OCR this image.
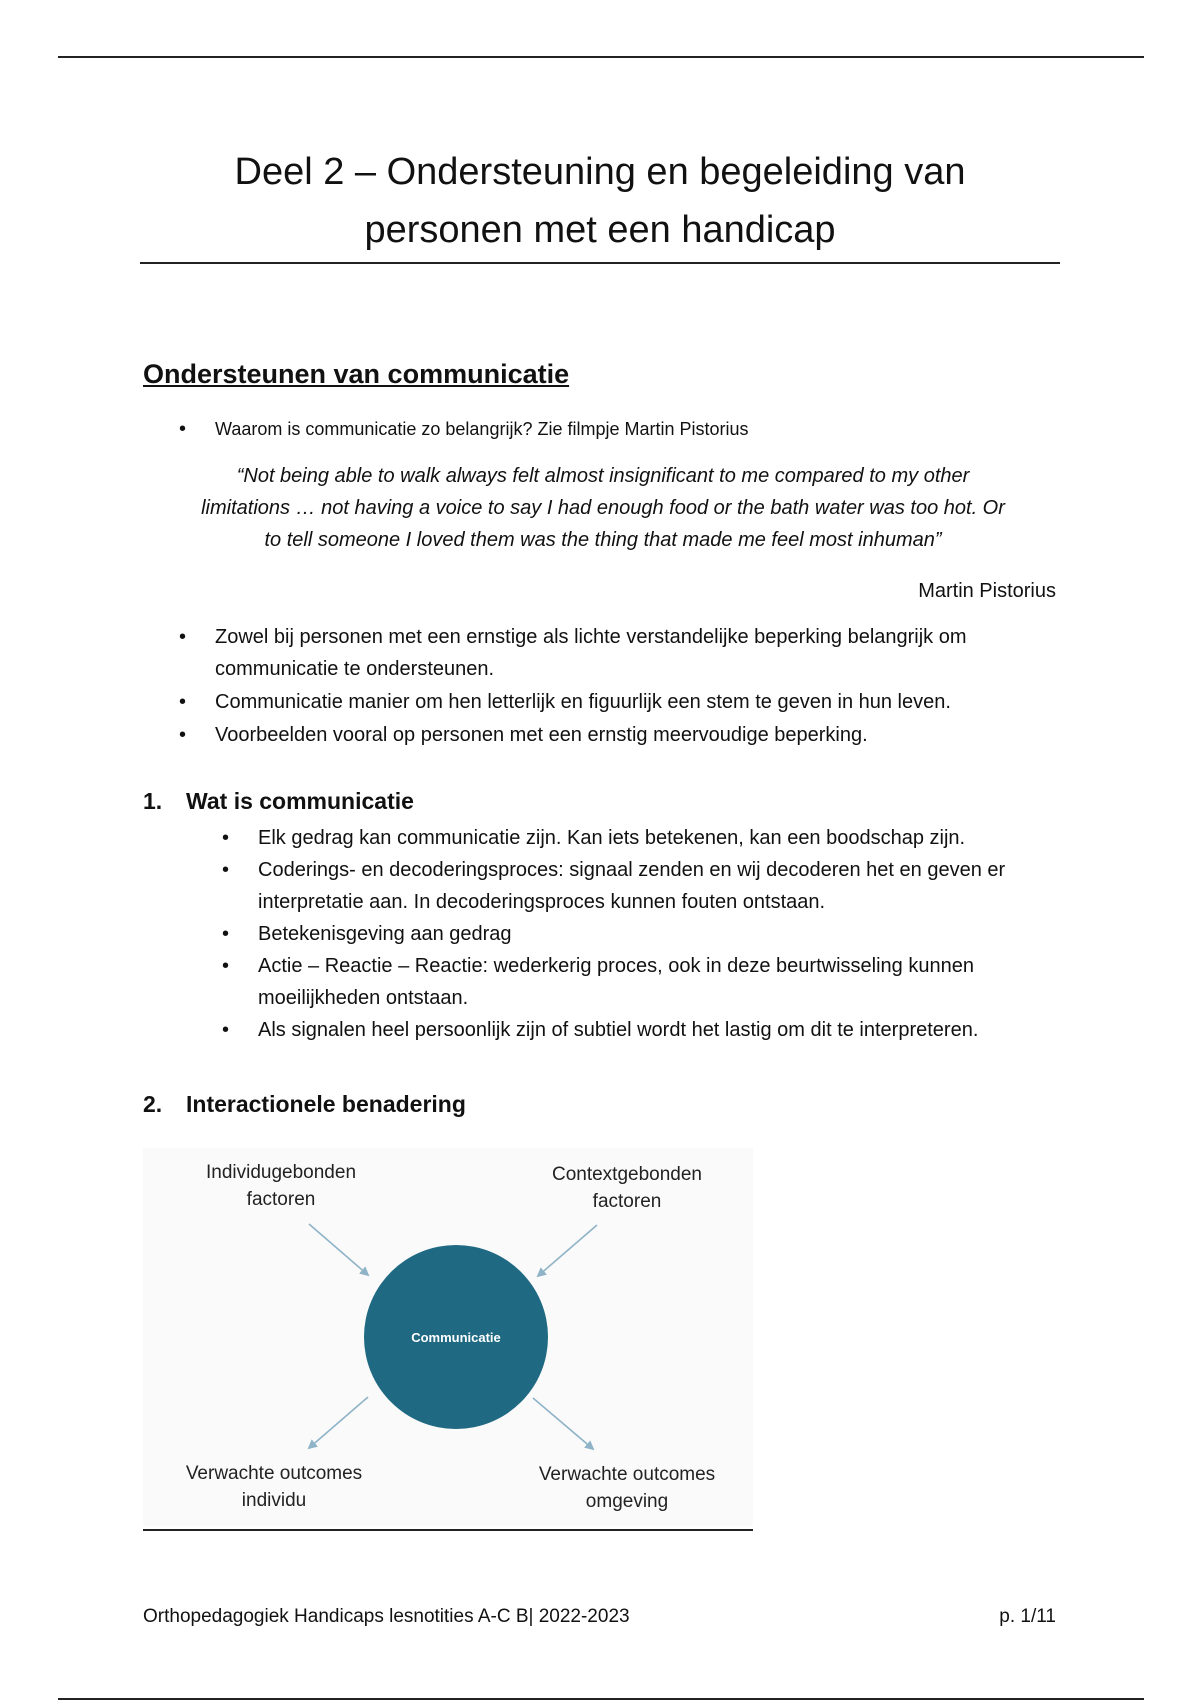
Deel 2 – Ondersteuning en begeleiding van
personen met een handicap
Ondersteunen van communicatie
• Waarom is communicatie zo belangrijk? Zie filmpje Martin Pistorius
“Not being able to walk always felt almost insignificant to me compared to my other
limitations … not having a voice to say I had enough food or the bath water was too hot. Or
to tell someone I loved them was the thing that made me feel most inhuman”
Martin Pistorius
• Zowel bij personen met een ernstige als lichte verstandelijke beperking belangrijk om communicatie te ondersteunen.
• Communicatie manier om hen letterlijk en figuurlijk een stem te geven in hun leven.
• Voorbeelden vooral op personen met een ernstig meervoudige beperking.
1. Wat is communicatie
• Elk gedrag kan communicatie zijn. Kan iets betekenen, kan een boodschap zijn.
• Coderings- en decoderingsproces: signaal zenden en wij decoderen het en geven er interpretatie aan. In decoderingsproces kunnen fouten ontstaan.
• Betekenisgeving aan gedrag
• Actie – Reactie – Reactie: wederkerig proces, ook in deze beurtwisseling kunnen moeilijkheden ontstaan.
• Als signalen heel persoonlijk zijn of subtiel wordt het lastig om dit te interpreteren.
2. Interactionele benadering
Communicatie
Individugebonden
factoren
Contextgebonden
factoren
Verwachte outcomes
individu
Verwachte outcomes
omgeving
Orthopedagogiek Handicaps lesnotities A-C B| 2022-2023	p. 1/11
